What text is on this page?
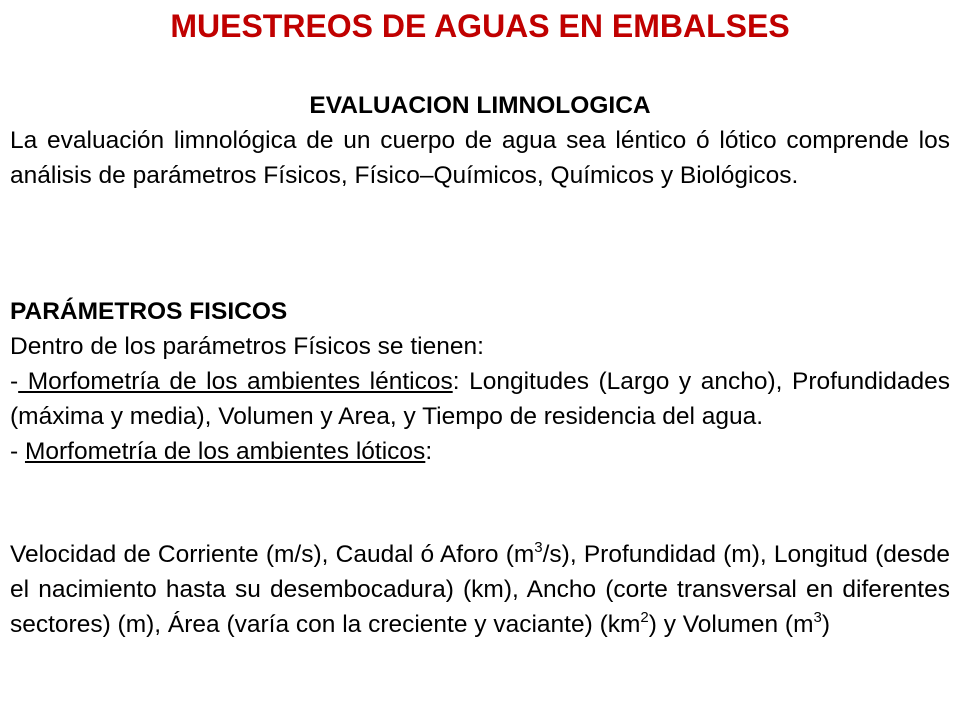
MUESTREOS DE AGUAS EN EMBALSES
EVALUACION LIMNOLOGICA
La evaluación limnológica de un cuerpo de agua sea léntico ó lótico comprende los análisis de parámetros Físicos, Físico–Químicos, Químicos y Biológicos.
PARÁMETROS FISICOS
Dentro de los parámetros Físicos se tienen:
- Morfometría de los ambientes lénticos: Longitudes (Largo y ancho), Profundidades (máxima y media), Volumen y Area, y Tiempo de residencia del agua.
- Morfometría de los ambientes lóticos:
Velocidad de Corriente (m/s), Caudal ó Aforo $(m^3/s)$, Profundidad (m), Longitud (desde el nacimiento hasta su desembocadura) (km), Ancho (corte transversal en diferentes sectores) (m), Área (varía con la creciente y vaciante) $(km^2)$ y Volumen $(m^3)$
